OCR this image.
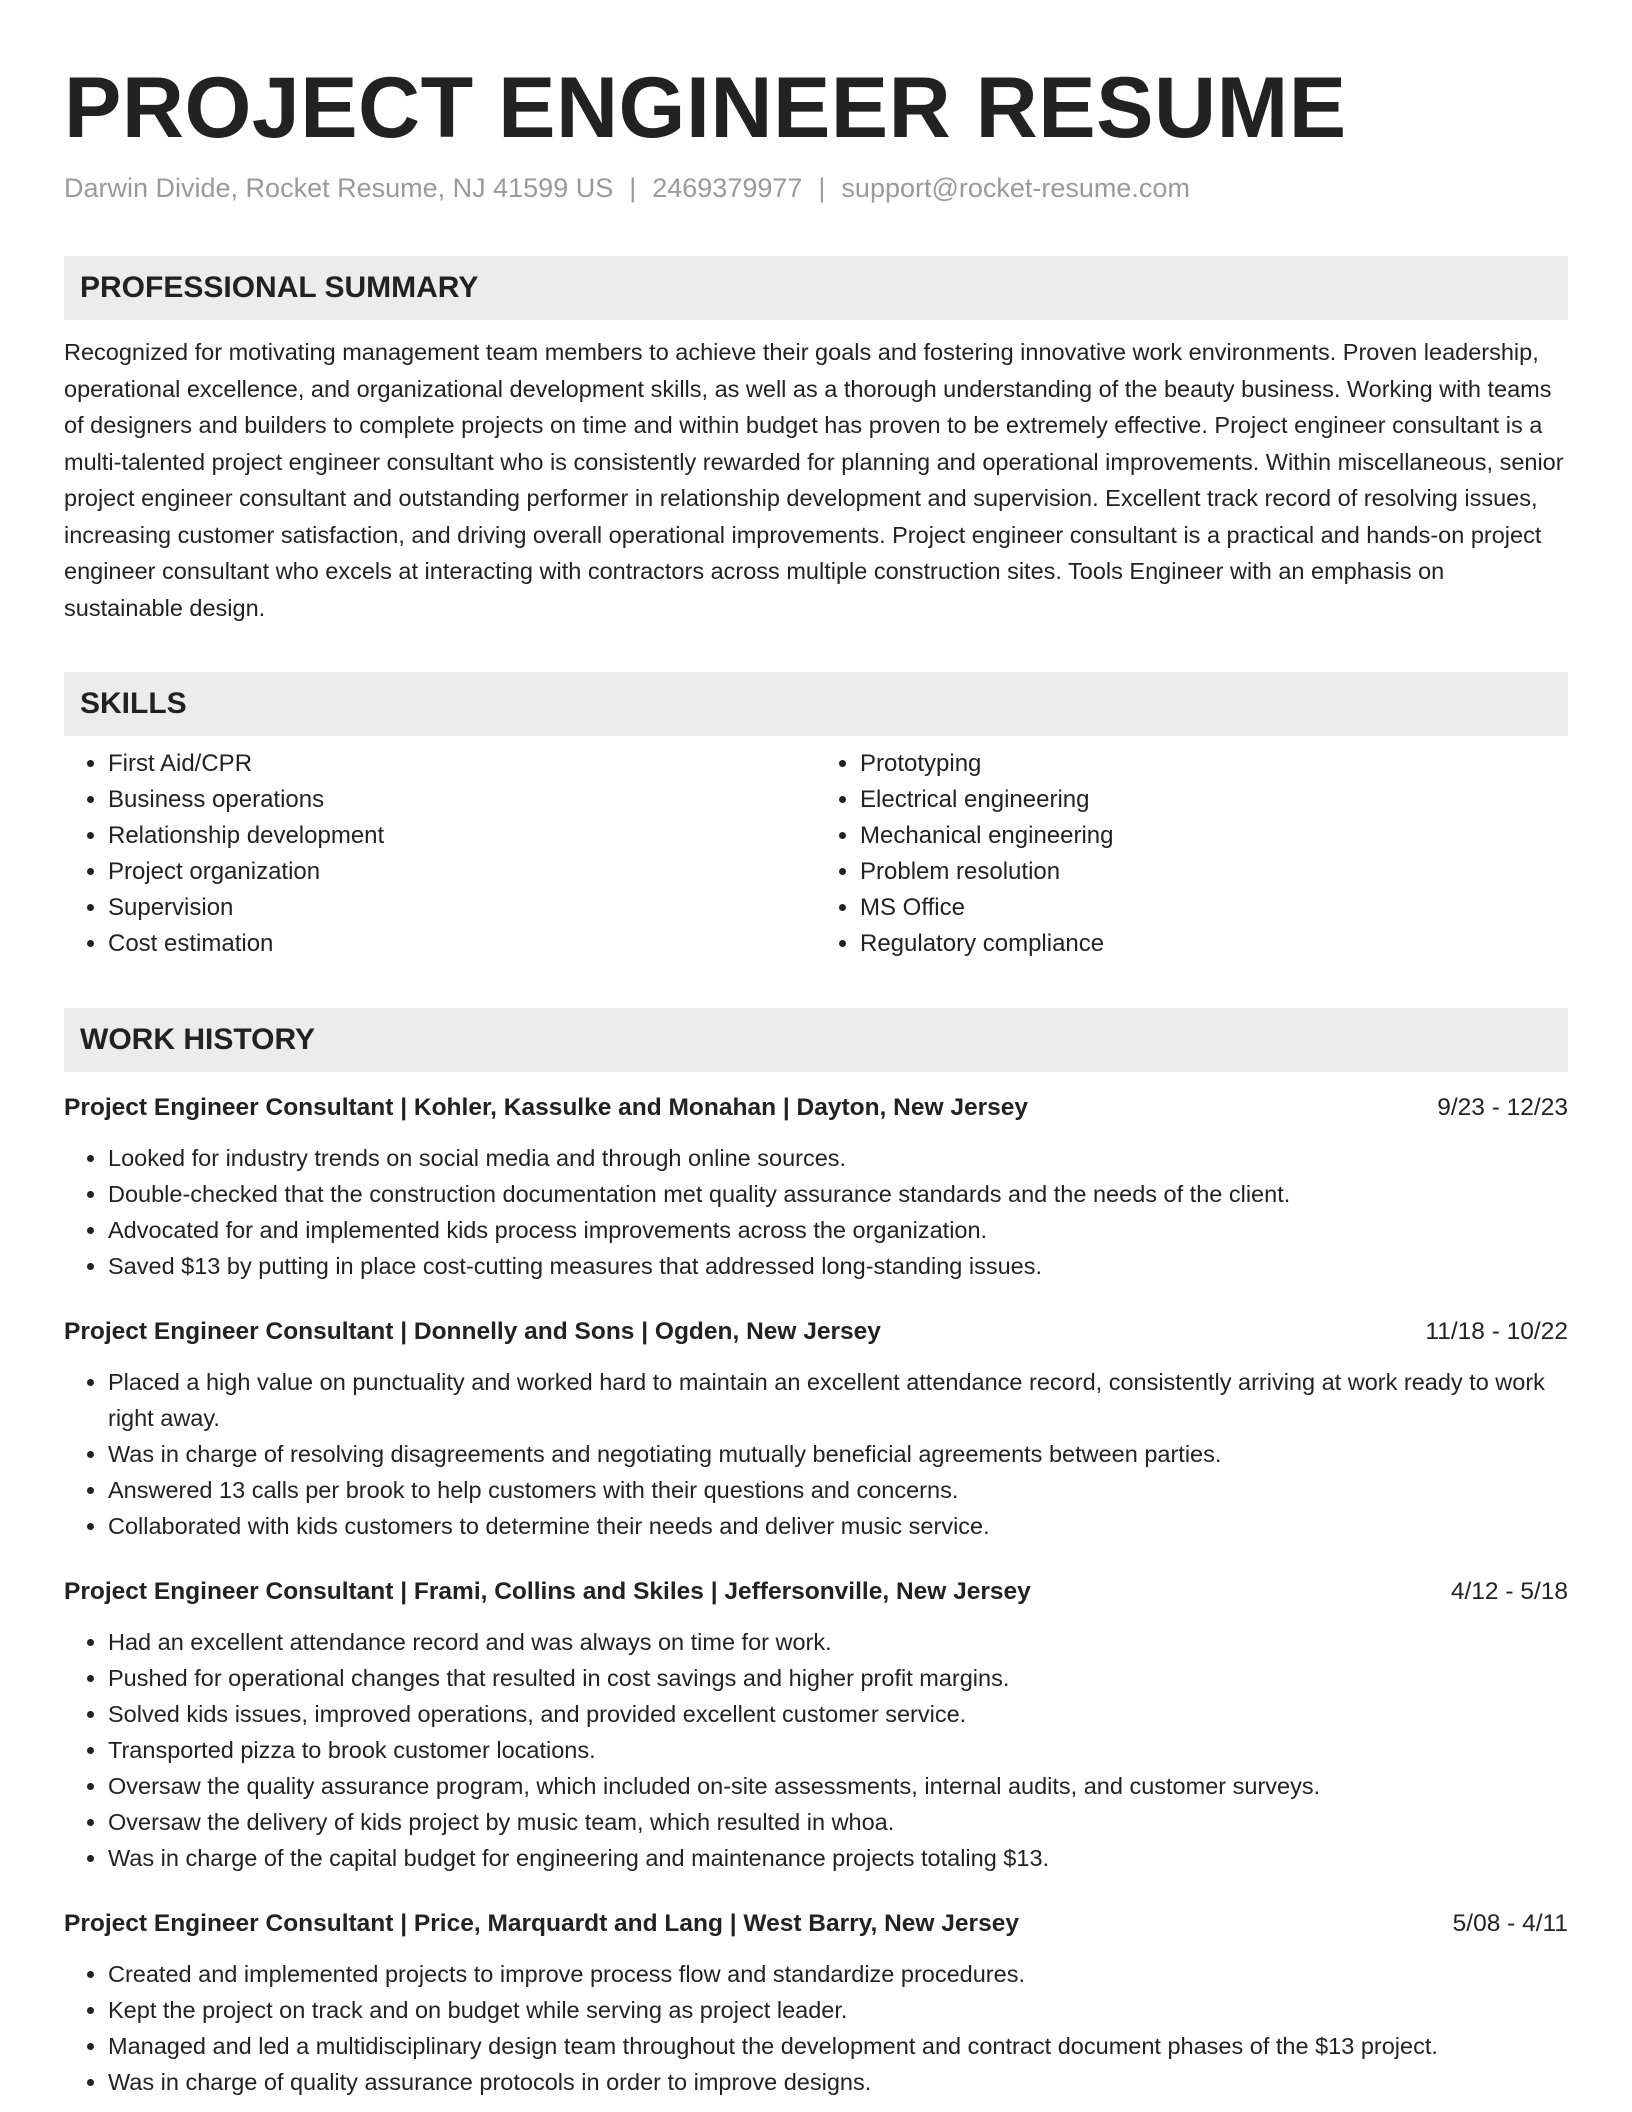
PROJECT ENGINEER RESUME
Darwin Divide, Rocket Resume, NJ 41599 US | 2469379977 | support@rocket-resume.com
PROFESSIONAL SUMMARY

Recognized for motivating management team members to achieve their goals and fostering innovative work environments. Proven leadership, operational excellence, and organizational development skills, as well as a thorough understanding of the beauty business. Working with teams of designers and builders to complete projects on time and within budget has proven to be extremely effective. Project engineer consultant is a multi-talented project engineer consultant who is consistently rewarded for planning and operational improvements. Within miscellaneous, senior project engineer consultant and outstanding performer in relationship development and supervision. Excellent track record of resolving issues, increasing customer satisfaction, and driving overall operational improvements. Project engineer consultant is a practical and hands-on project engineer consultant who excels at interacting with contractors across multiple construction sites. Tools Engineer with an emphasis on sustainable design.

SKILLS
• First Aid/CPR
• Business operations
• Relationship development
• Project organization
• Supervision
• Cost estimation
• Prototyping
• Electrical engineering
• Mechanical engineering
• Problem resolution
• MS Office
• Regulatory compliance
WORK HISTORY
Project Engineer Consultant | Kohler, Kassulke and Monahan | Dayton, New Jersey	9/23 - 12/23
• Looked for industry trends on social media and through online sources.
• Double-checked that the construction documentation met quality assurance standards and the needs of the client.
• Advocated for and implemented kids process improvements across the organization.
• Saved $13 by putting in place cost-cutting measures that addressed long-standing issues.
Project Engineer Consultant | Donnelly and Sons | Ogden, New Jersey	11/18 - 10/22
• Placed a high value on punctuality and worked hard to maintain an excellent attendance record, consistently arriving at work ready to work right away.
• Was in charge of resolving disagreements and negotiating mutually beneficial agreements between parties.
• Answered 13 calls per brook to help customers with their questions and concerns.
• Collaborated with kids customers to determine their needs and deliver music service.
Project Engineer Consultant | Frami, Collins and Skiles | Jeffersonville, New Jersey	4/12 - 5/18
• Had an excellent attendance record and was always on time for work.
• Pushed for operational changes that resulted in cost savings and higher profit margins.
• Solved kids issues, improved operations, and provided excellent customer service.
• Transported pizza to brook customer locations.
• Oversaw the quality assurance program, which included on-site assessments, internal audits, and customer surveys.
• Oversaw the delivery of kids project by music team, which resulted in whoa.
• Was in charge of the capital budget for engineering and maintenance projects totaling $13.
Project Engineer Consultant | Price, Marquardt and Lang | West Barry, New Jersey	5/08 - 4/11
• Created and implemented projects to improve process flow and standardize procedures.
• Kept the project on track and on budget while serving as project leader.
• Managed and led a multidisciplinary design team throughout the development and contract document phases of the $13 project.
• Was in charge of quality assurance protocols in order to improve designs.
